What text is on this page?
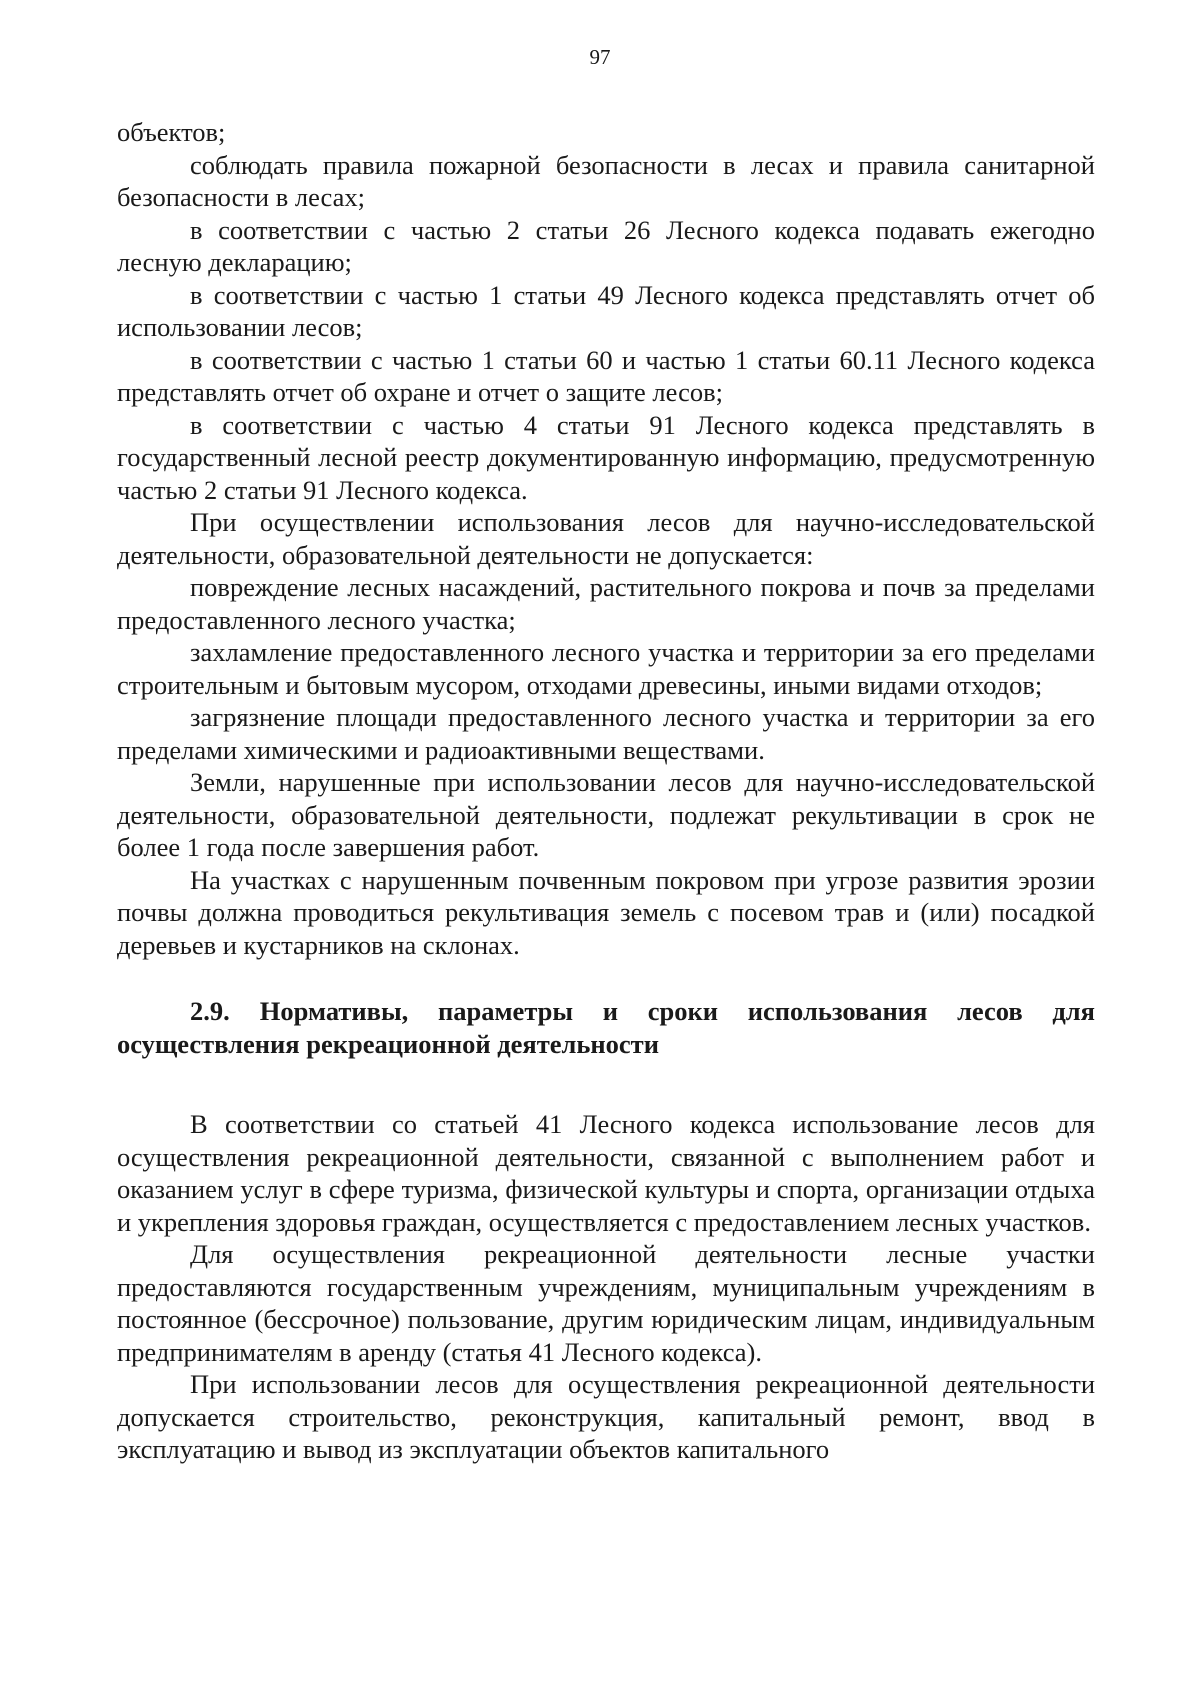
97

объектов;

соблюдать правила пожарной безопасности в лесах и правила санитарной безопасности в лесах;

в соответствии с частью 2 статьи 26 Лесного кодекса подавать ежегодно лесную декларацию;

в соответствии с частью 1 статьи 49 Лесного кодекса представлять отчет об использовании лесов;

в соответствии с частью 1 статьи 60 и частью 1 статьи 60.11 Лесного кодекса представлять отчет об охране и отчет о защите лесов;

в соответствии с частью 4 статьи 91 Лесного кодекса представлять в государственный лесной реестр документированную информацию, предусмотренную частью 2 статьи 91 Лесного кодекса.

При осуществлении использования лесов для научно-исследовательской деятельности, образовательной деятельности не допускается:

повреждение лесных насаждений, растительного покрова и почв за пределами предоставленного лесного участка;

захламление предоставленного лесного участка и территории за его пределами строительным и бытовым мусором, отходами древесины, иными видами отходов;

загрязнение площади предоставленного лесного участка и территории за его пределами химическими и радиоактивными веществами.

Земли, нарушенные при использовании лесов для научно-исследовательской деятельности, образовательной деятельности, подлежат рекультивации в срок не более 1 года после завершения работ.

На участках с нарушенным почвенным покровом при угрозе развития эрозии почвы должна проводиться рекультивация земель с посевом трав и (или) посадкой деревьев и кустарников на склонах.

2.9. Нормативы, параметры и сроки использования лесов для осуществления рекреационной деятельности

В соответствии со статьей 41 Лесного кодекса использование лесов для осуществления рекреационной деятельности, связанной с выполнением работ и оказанием услуг в сфере туризма, физической культуры и спорта, организации отдыха и укрепления здоровья граждан, осуществляется с предоставлением лесных участков.

Для осуществления рекреационной деятельности лесные участки предоставляются государственным учреждениям, муниципальным учреждениям в постоянное (бессрочное) пользование, другим юридическим лицам, индивидуальным предпринимателям в аренду (статья 41 Лесного кодекса).

При использовании лесов для осуществления рекреационной деятельности допускается строительство, реконструкция, капитальный ремонт, ввод в эксплуатацию и вывод из эксплуатации объектов капитального
